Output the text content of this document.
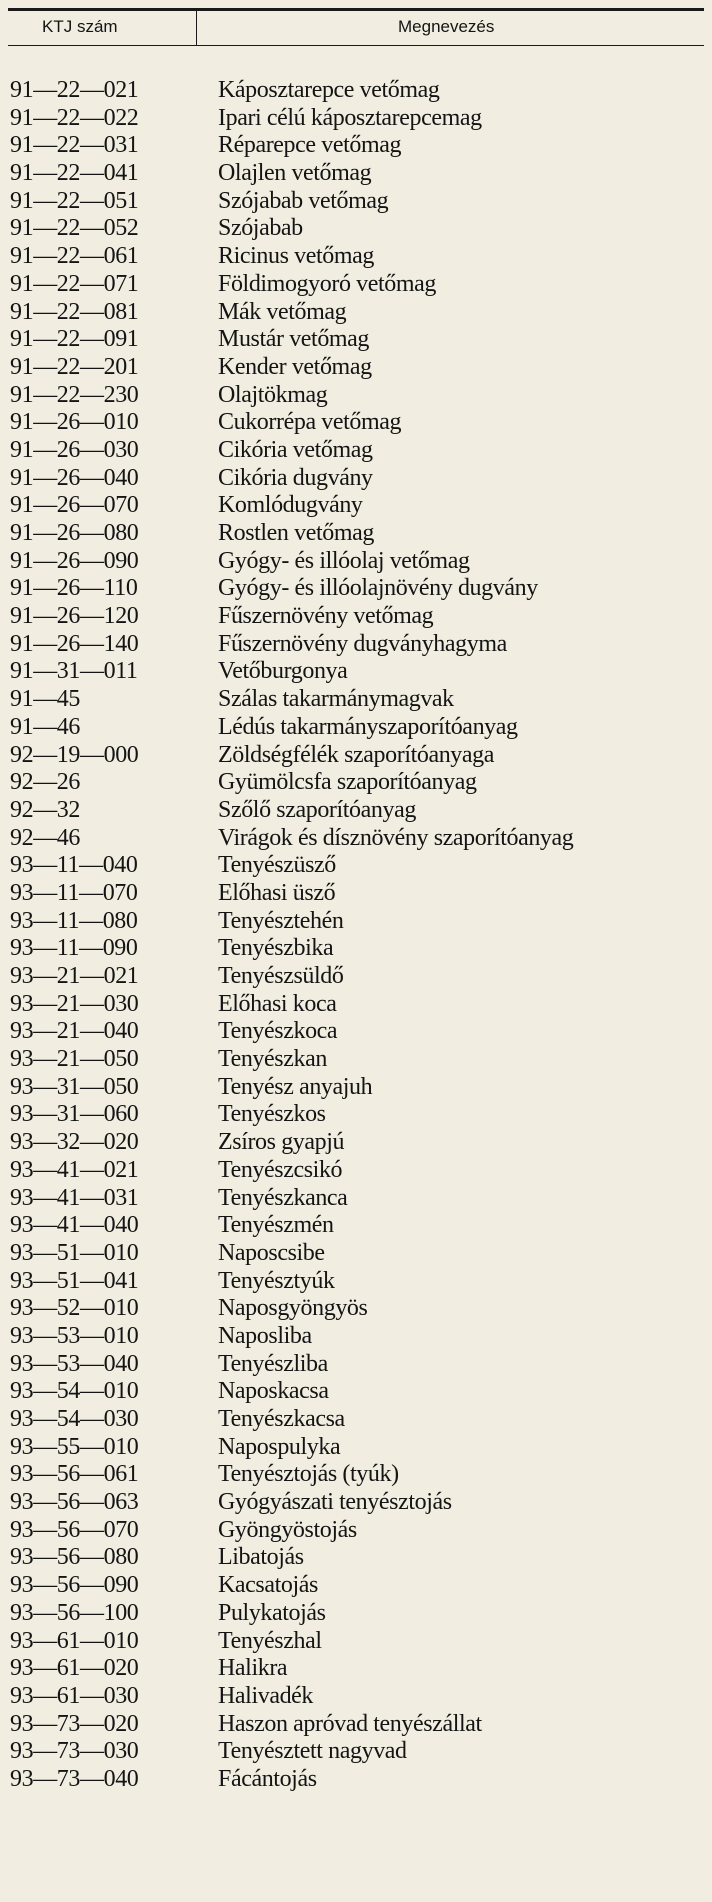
KTJ szám	Megnevezés
91—22—021	Káposztarepce vetőmag
91—22—022	Ipari célú káposztarepcemag
91—22—031	Réparepce vetőmag
91—22—041	Olajlen vetőmag
91—22—051	Szójabab vetőmag
91—22—052	Szójabab
91—22—061	Ricinus vetőmag
91—22—071	Földimogyoró vetőmag
91—22—081	Mák vetőmag
91—22—091	Mustár vetőmag
91—22—201	Kender vetőmag
91—22—230	Olajtökmag
91—26—010	Cukorrépa vetőmag
91—26—030	Cikória vetőmag
91—26—040	Cikória dugvány
91—26—070	Komlódugvány
91—26—080	Rostlen vetőmag
91—26—090	Gyógy- és illóolaj vetőmag
91—26—110	Gyógy- és illóolajnövény dugvány
91—26—120	Fűszernövény vetőmag
91—26—140	Fűszernövény dugványhagyma
91—31—011	Vetőburgonya
91—45	Szálas takarmánymagvak
91—46	Lédús takarmányszaporítóanyag
92—19—000	Zöldségfélék szaporítóanyaga
92—26	Gyümölcsfa szaporítóanyag
92—32	Szőlő szaporítóanyag
92—46	Virágok és dísznövény szaporítóanyag
93—11—040	Tenyészüsző
93—11—070	Előhasi üsző
93—11—080	Tenyésztehén
93—11—090	Tenyészbika
93—21—021	Tenyészsüldő
93—21—030	Előhasi koca
93—21—040	Tenyészkoca
93—21—050	Tenyészkan
93—31—050	Tenyész anyajuh
93—31—060	Tenyészkos
93—32—020	Zsíros gyapjú
93—41—021	Tenyészcsikó
93—41—031	Tenyészkanca
93—41—040	Tenyészmén
93—51—010	Naposcsibe
93—51—041	Tenyésztyúk
93—52—010	Naposgyöngyös
93—53—010	Naposliba
93—53—040	Tenyészliba
93—54—010	Naposkacsa
93—54—030	Tenyészkacsa
93—55—010	Napospulyka
93—56—061	Tenyésztojás (tyúk)
93—56—063	Gyógyászati tenyésztojás
93—56—070	Gyöngyöstojás
93—56—080	Libatojás
93—56—090	Kacsatojás
93—56—100	Pulykatojás
93—61—010	Tenyészhal
93—61—020	Halikra
93—61—030	Halivadék
93—73—020	Haszon apróvad tenyészállat
93—73—030	Tenyésztett nagyvad
93—73—040	Fácántojás
